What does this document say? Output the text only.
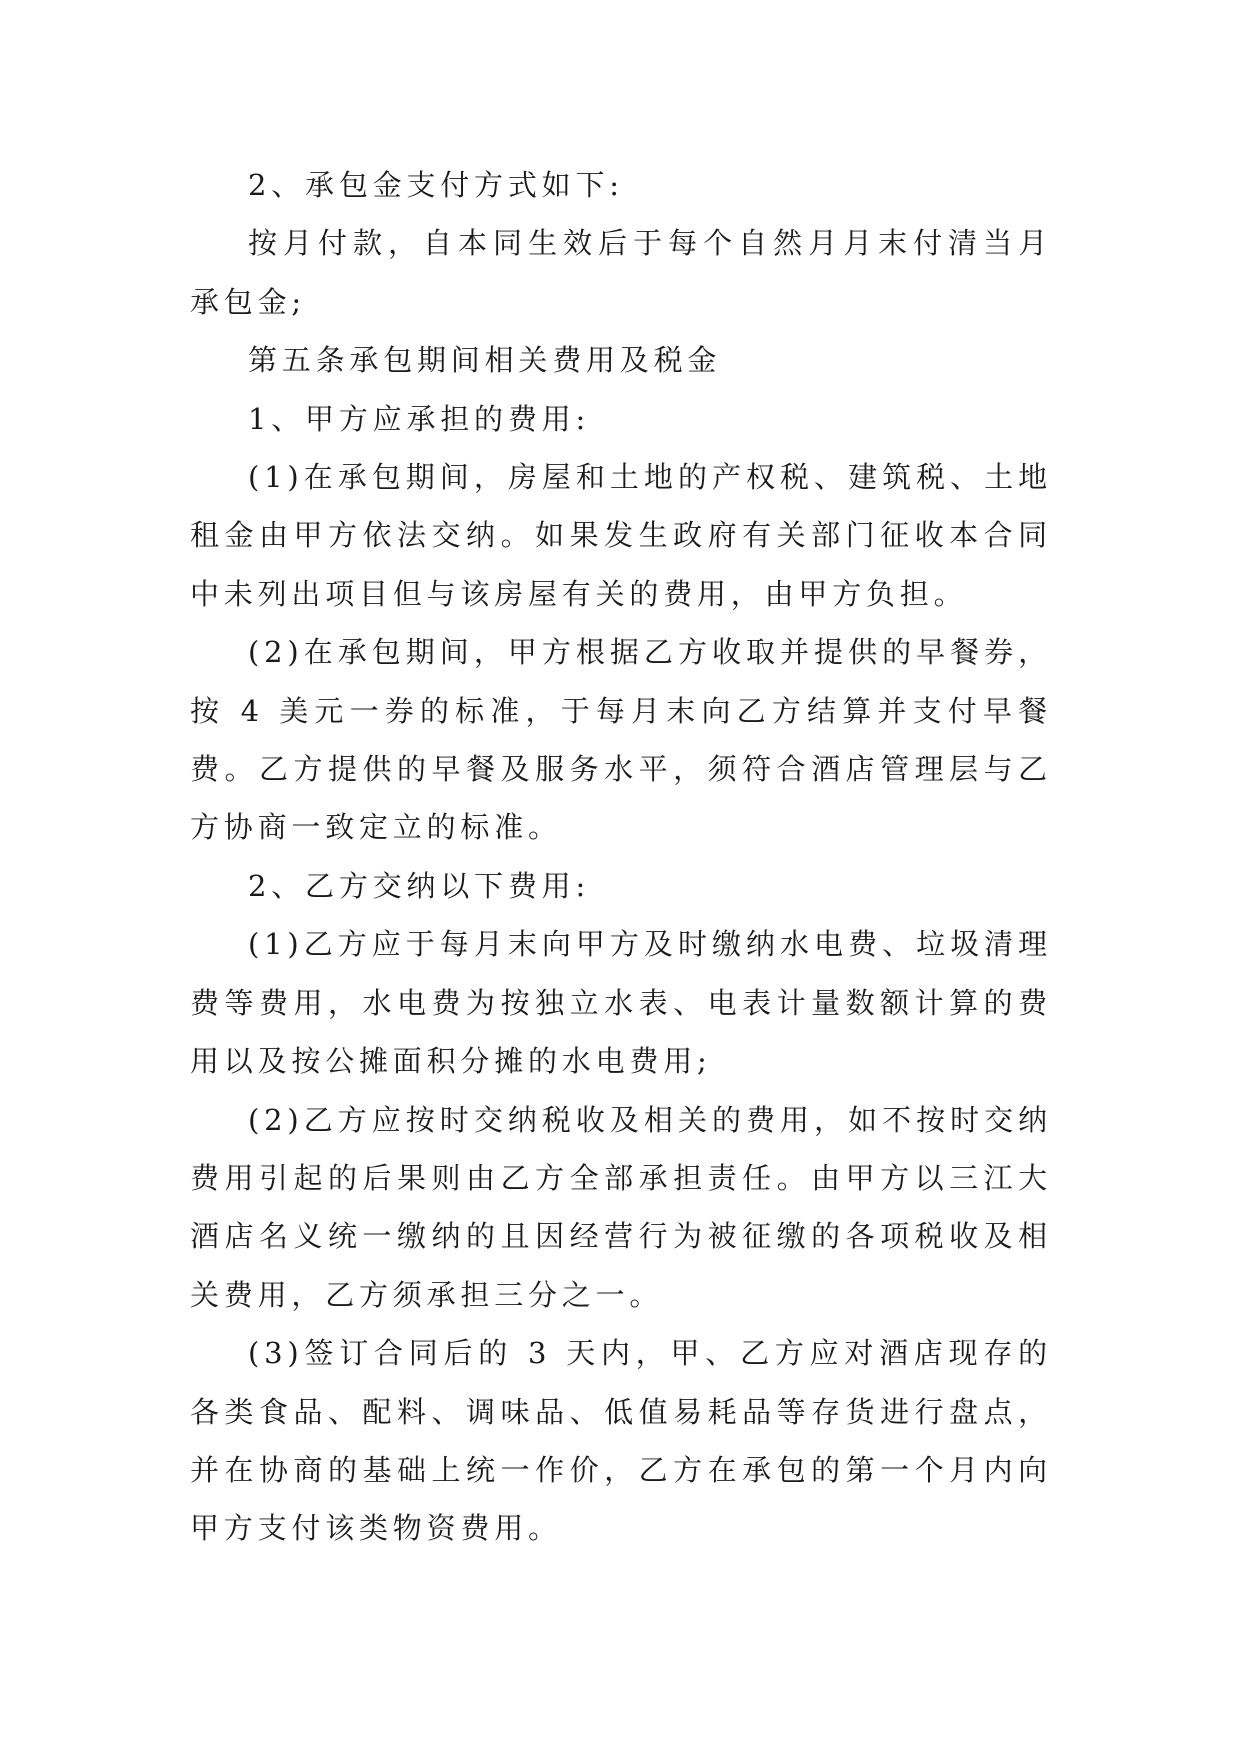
2、承包金支付方式如下:

按月付款，自本同生效后于每个自然月月末付清当月承包金;

第五条承包期间相关费用及税金

1、甲方应承担的费用:

(1)在承包期间，房屋和土地的产权税、建筑税、土地租金由甲方依法交纳。如果发生政府有关部门征收本合同中未列出项目但与该房屋有关的费用，由甲方负担。

(2)在承包期间，甲方根据乙方收取并提供的早餐券，按 4 美元一券的标准，于每月末向乙方结算并支付早餐费。乙方提供的早餐及服务水平，须符合酒店管理层与乙方协商一致定立的标准。

2、乙方交纳以下费用:

(1)乙方应于每月末向甲方及时缴纳水电费、垃圾清理费等费用，水电费为按独立水表、电表计量数额计算的费用以及按公摊面积分摊的水电费用;

(2)乙方应按时交纳税收及相关的费用，如不按时交纳费用引起的后果则由乙方全部承担责任。由甲方以三江大酒店名义统一缴纳的且因经营行为被征缴的各项税收及相关费用，乙方须承担三分之一。

(3)签订合同后的 3 天内，甲、乙方应对酒店现存的各类食品、配料、调味品、低值易耗品等存货进行盘点，并在协商的基础上统一作价，乙方在承包的第一个月内向甲方支付该类物资费用。
